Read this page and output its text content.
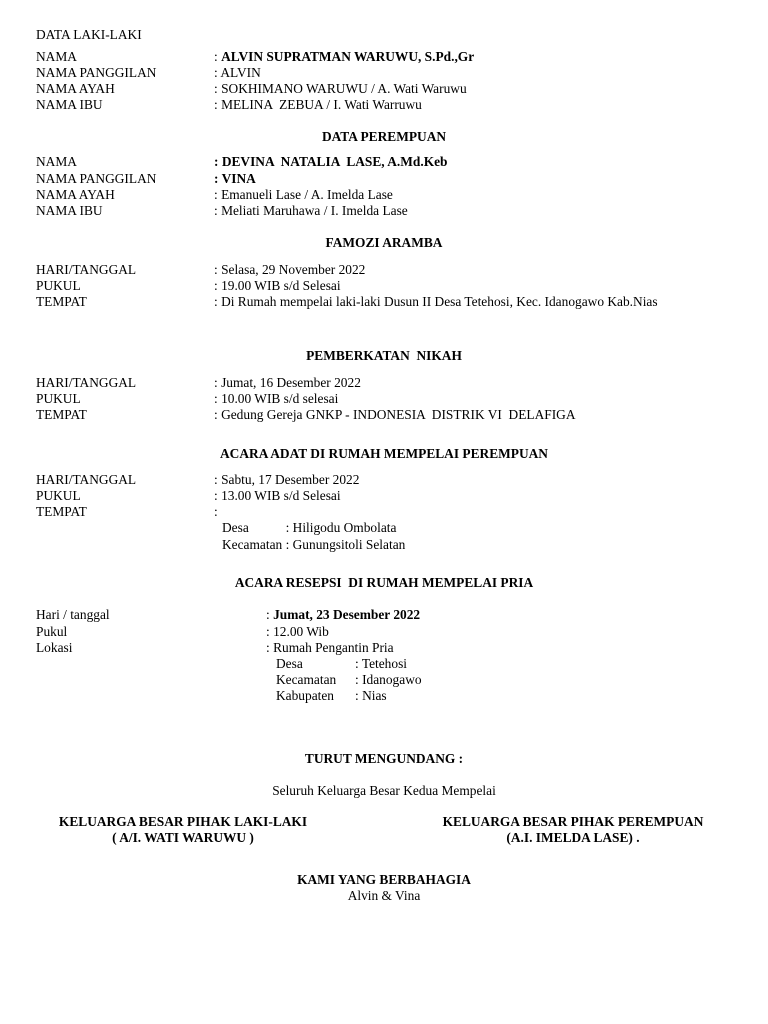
DATA LAKI-LAKI
NAMA	: ALVIN SUPRATMAN WARUWU, S.Pd.,Gr
NAMA PANGGILAN	: ALVIN
NAMA AYAH	: SOKHIMANO WARUWU / A. Wati Waruwu
NAMA IBU	: MELINA  ZEBUA / I. Wati Warruwu
DATA PEREMPUAN
NAMA	: DEVINA  NATALIA  LASE, A.Md.Keb
NAMA PANGGILAN	: VINA
NAMA AYAH	: Emanueli Lase / A. Imelda Lase
NAMA IBU	: Meliati Maruhawa / I. Imelda Lase
FAMOZI ARAMBA
HARI/TANGGAL	: Selasa, 29 November 2022
PUKUL	: 19.00 WIB s/d Selesai
TEMPAT	: Di Rumah mempelai laki-laki Dusun II Desa Tetehosi, Kec. Idanogawo Kab.Nias
PEMBERKATAN  NIKAH
HARI/TANGGAL	: Jumat, 16 Desember 2022
PUKUL	: 10.00 WIB s/d selesai
TEMPAT	: Gedung Gereja GNKP - INDONESIA  DISTRIK VI  DELAFIGA
ACARA ADAT DI RUMAH MEMPELAI PEREMPUAN
HARI/TANGGAL	: Sabtu, 17 Desember 2022
PUKUL	: 13.00 WIB s/d Selesai
TEMPAT	:
Desa           : Hiligodu Ombolata
Kecamatan : Gunungsitoli Selatan
ACARA RESEPSI  DI RUMAH MEMPELAI PRIA
Hari / tanggal	: Jumat, 23 Desember 2022
Pukul	: 12.00 Wib
Lokasi	: Rumah Pengantin Pria
Desa	: Tetehosi
Kecamatan : Idanogawo
Kabupaten : Nias
TURUT MENGUNDANG :
Seluruh Keluarga Besar Kedua Mempelai
KELUARGA BESAR PIHAK LAKI-LAKI
( A/I. WATI WARUWU )
KELUARGA BESAR PIHAK PEREMPUAN
(A.I. IMELDA LASE) .
KAMI YANG BERBAHAGIA
Alvin & Vina
